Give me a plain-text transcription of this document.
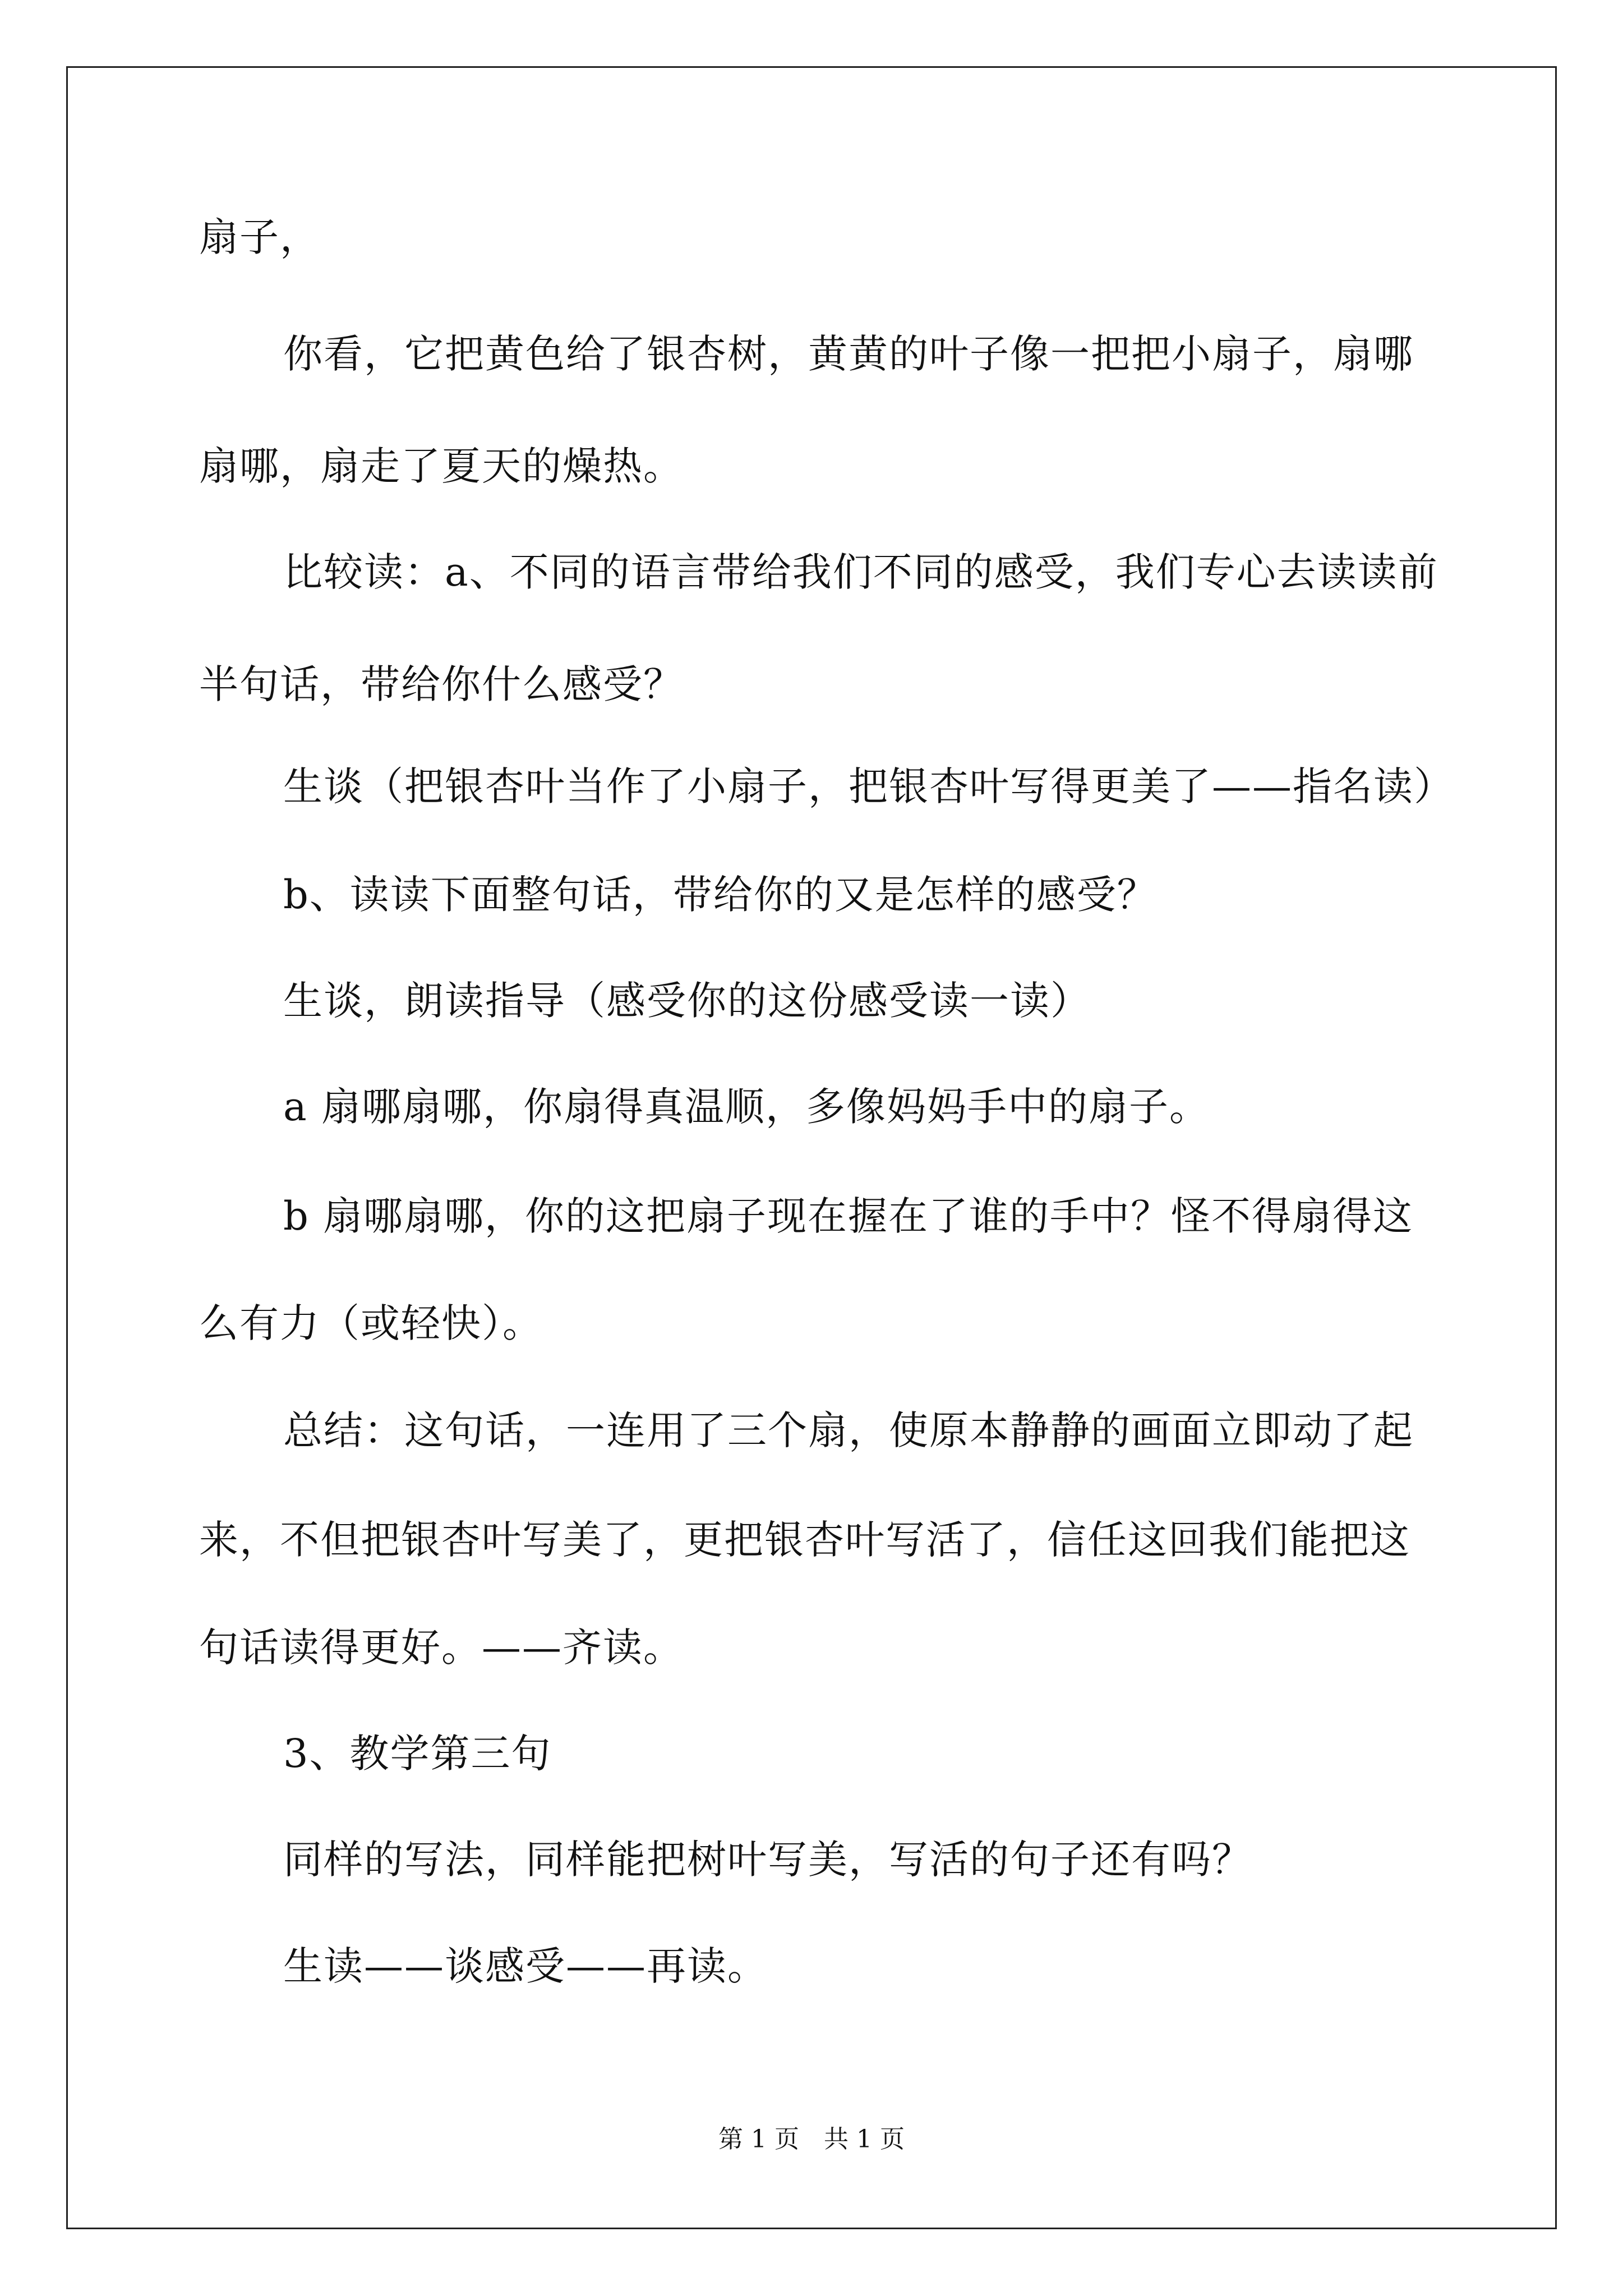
扇子，

你看，它把黄色给了银杏树，黄黄的叶子像一把把小扇子，扇哪

扇哪，扇走了夏天的燥热。

比较读：a、不同的语言带给我们不同的感受，我们专心去读读前

半句话，带给你什么感受？

生谈（把银杏叶当作了小扇子，把银杏叶写得更美了——指名读）

b、读读下面整句话，带给你的又是怎样的感受？

生谈，朗读指导（感受你的这份感受读一读）

a 扇哪扇哪，你扇得真温顺，多像妈妈手中的扇子。

b 扇哪扇哪，你的这把扇子现在握在了谁的手中？怪不得扇得这

么有力（或轻快）。

总结：这句话，一连用了三个扇，使原本静静的画面立即动了起

来，不但把银杏叶写美了，更把银杏叶写活了，信任这回我们能把这

句话读得更好。——齐读。

3、教学第三句

同样的写法，同样能把树叶写美，写活的句子还有吗？

生读——谈感受——再读。

第 1 页　共 1 页
